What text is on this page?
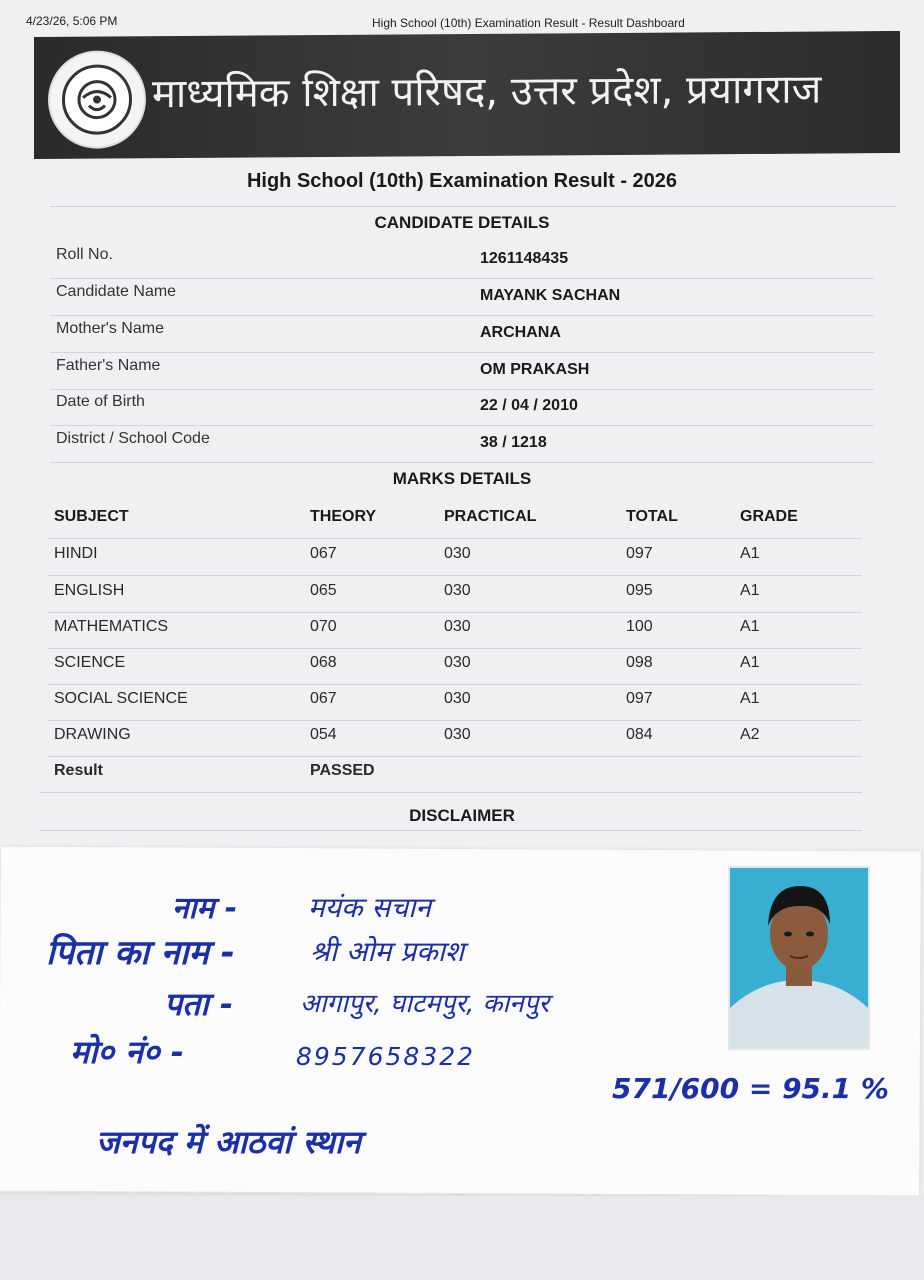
4/23/26, 5:06 PM	High School (10th) Examination Result - Result Dashboard
माध्यमिक शिक्षा परिषद, उत्तर प्रदेश, प्रयागराज
High School (10th) Examination Result - 2026
CANDIDATE DETAILS
Roll No.	1261148435
Candidate Name	MAYANK SACHAN
Mother's Name	ARCHANA
Father's Name	OM PRAKASH
Date of Birth	22 / 04 / 2010
District / School Code	38 / 1218
MARKS DETAILS
SUBJECT	THEORY	PRACTICAL	TOTAL	GRADE
HINDI	067	030	097	A1
ENGLISH	065	030	095	A1
MATHEMATICS	070	030	100	A1
SCIENCE	068	030	098	A1
SOCIAL SCIENCE	067	030	097	A1
DRAWING	054	030	084	A2
Result	PASSED
DISCLAIMER
नाम -	मयंक सचान
पिता का नाम -	श्री ओम प्रकाश
पता -	आगापुर, घाटमपुर, कानपुर
मो० नं० -	8957658322
571/600 = 95.1 %
जनपद में आठवां स्थान
